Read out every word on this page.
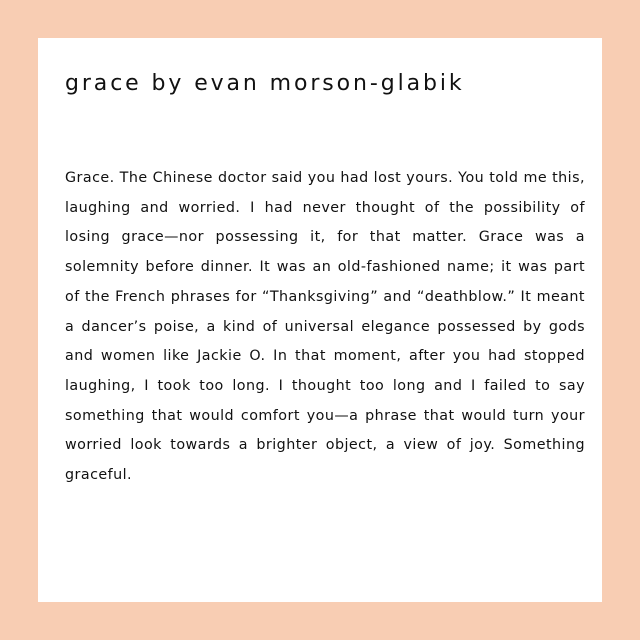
grace by evan morson-glabik

Grace. The Chinese doctor said you had lost yours. You told me this, laughing and worried. I had never thought of the possibility of losing grace—nor possessing it, for that matter. Grace was a solemnity before dinner. It was an old-fashioned name; it was part of the French phrases for “Thanksgiving” and “deathblow.” It meant a dancer’s poise, a kind of universal elegance possessed by gods and women like Jackie O. In that moment, after you had stopped laughing, I took too long. I thought too long and I failed to say something that would comfort you—a phrase that would turn your worried look towards a brighter object, a view of joy. Something graceful.
